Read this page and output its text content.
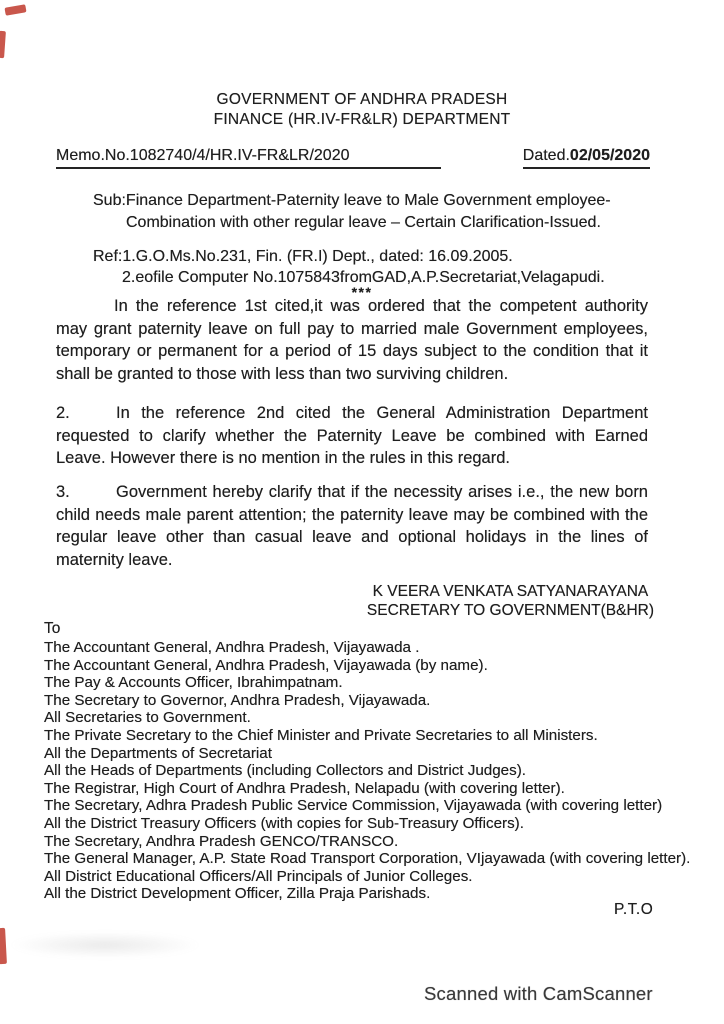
GOVERNMENT OF ANDHRA PRADESH
FINANCE (HR.IV-FR&LR) DEPARTMENT
Memo.No.1082740/4/HR.IV-FR&LR/2020	Dated.02/05/2020
Sub:Finance Department-Paternity leave to Male Government employee-
Combination with other regular leave – Certain Clarification-Issued.
Ref:1.G.O.Ms.No.231, Fin. (FR.I) Dept., dated: 16.09.2005.
2.eofile Computer No.1075843fromGAD,A.P.Secretariat,Velagapudi.
***

In the reference 1st cited,it was ordered that the competent authority may grant paternity leave on full pay to married male Government employees, temporary or permanent for a period of 15 days subject to the condition that it shall be granted to those with less than two surviving children.

2.	In the reference 2nd cited the General Administration Department requested to clarify whether the Paternity Leave be combined with Earned Leave. However there is no mention in the rules in this regard.

3.	Government hereby clarify that if the necessity arises i.e., the new born child needs male parent attention; the paternity leave may be combined with the regular leave other than casual leave and optional holidays in the lines of maternity leave.

K VEERA VENKATA SATYANARAYANA
SECRETARY TO GOVERNMENT(B&HR)
To
The Accountant General, Andhra Pradesh, Vijayawada .
The Accountant General, Andhra Pradesh, Vijayawada (by name).
The Pay & Accounts Officer, Ibrahimpatnam.
The Secretary to Governor, Andhra Pradesh, Vijayawada.
All Secretaries to Government.
The Private Secretary to the Chief Minister and Private Secretaries to all Ministers.
All the Departments of Secretariat
All the Heads of Departments (including Collectors and District Judges).
The Registrar, High Court of Andhra Pradesh, Nelapadu (with covering letter).
The Secretary, Adhra Pradesh Public Service Commission, Vijayawada (with covering letter)
All the District Treasury Officers (with copies for Sub-Treasury Officers).
The Secretary, Andhra Pradesh GENCO/TRANSCO.
The General Manager, A.P. State Road Transport Corporation, VIjayawada (with covering letter).
All District Educational Officers/All Principals of Junior Colleges.
All the District Development Officer, Zilla Praja Parishads.
P.T.O
Scanned with CamScanner
